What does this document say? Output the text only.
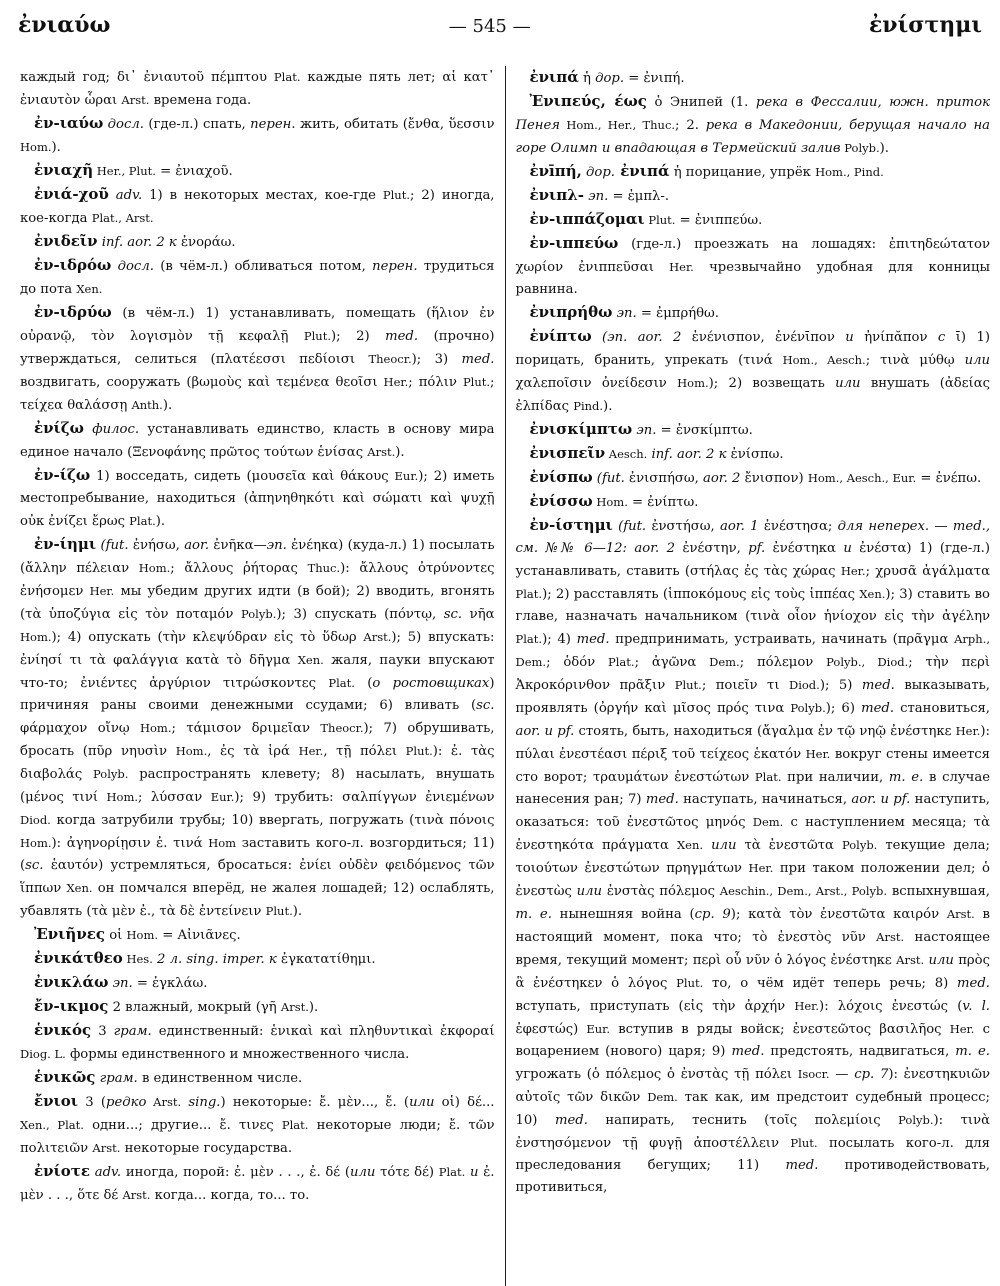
ἐνιαύω	— 545 —	ἐνίστημι

каждый год; δι᾽ ἐνιαυτοῦ πέμπτου Plat. каждые пять лет; αἱ κατ᾽ ἐνιαυτὸν ὧραι Arst. времена года.

ἐν-ιαύω досл. (где-л.) спать, перен. жить, обитать (ἔνθα, ὕεσσιν Hom.).

ἐνιαχῆ Her., Plut. = ἐνιαχοῦ.

ἐνιά-χοῦ adv. 1) в некоторых местах, кое-где Plut.; 2) иногда, кое-когда Plat., Arst.

ἐνιδεῖν inf. aor. 2 к ἐνοράω.

ἐν-ιδρόω досл. (в чём-л.) обливаться потом, перен. трудиться до пота Xen.

ἐν-ιδρύω (в чём-л.) 1) устанавливать, помещать (ἥλιον ἐν οὐρανῷ, τὸν λογισμὸν τῇ κεφαλῇ Plut.); 2) med. (прочно) утверждаться, селиться (πλατέεσσι πεδίοισι Theocr.); 3) med. воздвигать, сооружать (βωμοὺς καὶ τεμένεα θεοῖσι Her.; πόλιν Plut.; τείχεα θαλάσσῃ Anth.).

ἐνίζω филос. устанавливать единство, класть в основу мира единое начало (Ξενοφάνης πρῶτος τούτων ἑνίσας Arst.).

ἐν-ίζω 1) восседать, сидеть (μουσεῖα καὶ θάκους Eur.); 2) иметь местопребывание, находиться (ἀπηνηθηκότι καὶ σώματι καὶ ψυχῇ οὐκ ἐνίζει ἔρως Plat.).

ἐν-ίημι (fut. ἐνήσω, aor. ἐνῆκα—эп. ἐνέηκα) (куда-л.) 1) посылать (ἄλλην πέλειαν Hom.; ἄλλους ῥήτορας Thuc.): ἄλλους ὀτρύνοντες ἐνήσομεν Her. мы убедим других идти (в бой); 2) вводить, вгонять (τὰ ὑποζύγια εἰς τὸν ποταμόν Polyb.); 3) спускать (πόντῳ, sc. νῆα Hom.); 4) опускать (τὴν κλεψύδραν εἰς τὸ ὕδωρ Arst.); 5) впускать: ἐνίησί τι τὰ φαλάγγια κατὰ τὸ δῆγμα Xen. жаля, пауки впускают что-то; ἐνιέντες ἀργύριον τιτρώσκοντες Plat. (о ростовщиках) причиняя раны своими денежными ссудами; 6) вливать (sc. φάρμαχον οἴνῳ Hom.; τάμισον δριμεῖαν Theocr.); 7) обрушивать, бросать (πῦρ νηυσὶν Hom., ἐς τὰ ἱρά Her., τῇ πόλει Plut.): ἐ. τὰς διαβολάς Polyb. распространять клевету; 8) насылать, внушать (μένος τινί Hom.; λύσσαν Eur.); 9) трубить: σαλπίγγων ἐνιεμένων Diod. когда затрубили трубы; 10) ввергать, погружать (τινὰ πόνοις Hom.): ἀγηνορίῃσιν ἐ. τινά Hom заставить кого-л. возгордиться; 11) (sc. ἑαυτόν) устремляться, бросаться: ἐνίει οὐδὲν φειδόμενος τῶν ἵππων Xen. он помчался вперёд, не жалея лошадей; 12) ослаблять, убавлять (τὰ μὲν ἐ., τὰ δὲ ἐντείνειν Plut.).

Ἐνιῆνες οἱ Hom. = Αἰνιᾶνες.

ἐνικάτθεο Hes. 2 л. sing. imper. к ἐγκατατίθημι.

ἐνικλάω эп. = ἐγκλάω.

ἔν-ικμος 2 влажный, мокрый (γῆ Arst.).

ἑνικός 3 грам. единственный: ἑνικαὶ καὶ πληθυντικαὶ ἐκφοραί Diog. L. формы единственного и множественного числа.

ἑνικῶς грам. в единственном числе.

ἔνιοι 3 (редко Arst. sing.) некоторые: ἔ. μὲν..., ἔ. (или οἱ) δέ... Xen., Plat. одни...; другие... ἔ. τινες Plat. некоторые люди; ἔ. τῶν πολιτειῶν Arst. некоторые государства.

ἐνίοτε adv. иногда, порой: ἐ. μὲν . . ., ἐ. δέ (или τότε δέ) Plat. и ἐ. μὲν . . ., ὅτε δέ Arst. когда... когда, то... то.

ἐνιπά ἡ дор. = ἐνιπή.

Ἐνιπεύς, έως ὁ Энипей (1. река в Фессалии, южн. приток Пенея Hom., Her., Thuc.; 2. река в Македонии, берущая начало на горе Олимп и впадающая в Термейский залив Polyb.).

ἐνīπή, дор. ἐνιπά ἡ порицание, упрёк Hom., Pind.

ἐνιπλ- эп. = ἐμπλ-.

ἐν-ιππάζομαι Plut. = ἐνιππεύω.

ἐν-ιππεύω (где-л.) проезжать на лошадях: ἐπιτηδεώτατον χωρίον ἐνιππεῦσαι Her. чрезвычайно удобная для конницы равнина.

ἐνιπρήθω эп. = ἐμπρήθω.

ἐνίπτω (эп. aor. 2 ἐνένισπον, ἐνένῑπον и ἠνίπᾰπον с ῑ) 1) порицать, бранить, упрекать (τινά Hom., Aesch.; τινὰ μύθῳ или χαλεποῖσιν ὀνείδεσιν Hom.); 2) возвещать или внушать (ἀδείας ἐλπίδας Pind.).

ἐνισκίμπτω эп. = ἐνσκίμπτω.

ἐνισπεῖν Aesch. inf. aor. 2 к ἐνίσπω.

ἐνίσπω (fut. ἐνισπήσω, aor. 2 ἔνισπον) Hom., Aesch., Eur. = ἐνέπω.

ἐνίσσω Hom. = ἐνίπτω.

ἐν-ίστημι (fut. ἐνστήσω, aor. 1 ἐνέστησα; для неперех. — med., см. №№ 6—12: aor. 2 ἐνέστην, pf. ἐνέστηκα и ἐνέστα) 1) (где-л.) устанавливать, ставить (στήλας ἐς τὰς χώρας Her.; χρυσᾶ ἀγάλματα Plat.); 2) расставлять (ἱπποκόμους εἰς τοὺς ἱππέας Xen.); 3) ставить во главе, назначать начальником (τινὰ οἷον ἡνίοχον εἰς τὴν ἀγέλην Plat.); 4) med. предпринимать, устраивать, начинать (πρᾶγμα Arph., Dem.; ὁδόν Plat.; ἀγῶνα Dem.; πόλεμον Polyb., Diod.; τὴν περὶ Ἀκροκόρινθον πρᾶξιν Plut.; ποιεῖν τι Diod.); 5) med. выказывать, проявлять (ὀργήν καὶ μῖσος πρός τινα Polyb.); 6) med. становиться, aor. и pf. стоять, быть, находиться (ἄγαλμα ἐν τῷ νηῷ ἐνέστηκε Her.): πύλαι ἐνεστέασι πέριξ τοῦ τείχεος ἑκατόν Her. вокруг стены имеется сто ворот; τραυμάτων ἐνεστώτων Plat. при наличии, т. е. в случае нанесения ран; 7) med. наступать, начинаться, aor. и pf. наступить, оказаться: τοῦ ἐνεστῶτος μηνός Dem. с наступлением месяца; τὰ ἐνεστηκότα πράγματα Xen. или τὰ ἐνεστῶτα Polyb. текущие дела; τοιούτων ἐνεστώτων πρηγμάτων Her. при таком положении дел; ὁ ἐνεστὼς или ἐνστὰς πόλεμος Aeschin., Dem., Arst., Polyb. вспыхнувшая, т. е. нынешняя война (ср. 9); κατὰ τὸν ἐνεστῶτα καιρόν Arst. в настоящий момент, пока что; τὸ ἐνεστὸς νῦν Arst. настоящее время, текущий момент; περὶ οὗ νῦν ὁ λόγος ἐνέστηκε Arst. или πρὸς ἃ ἐνέστηκεν ὁ λόγος Plut. то, о чём идёт теперь речь; 8) med. вступать, приступать (εἰς τὴν ἀρχήν Her.): λόχοις ἐνεστώς (v. l. ἐφεστώς) Eur. вступив в ряды войск; ἐνεστεῶτος βασιλῆος Her. с воцарением (нового) царя; 9) med. предстоять, надвигаться, т. е. угрожать (ὁ πόλεμος ὁ ἐνστὰς τῇ πόλει Isocr. — ср. 7): ἐνεστηκυιῶν αὐτοῖς τῶν δικῶν Dem. так как, им предстоит судебный процесс; 10) med. напирать, теснить (τοῖς πολεμίοις Polyb.): τινὰ ἐνστησόμενον τῇ φυγῇ ἀποστέλλειν Plut. посылать кого-л. для преследования бегущих; 11) med. противодействовать, противиться,
